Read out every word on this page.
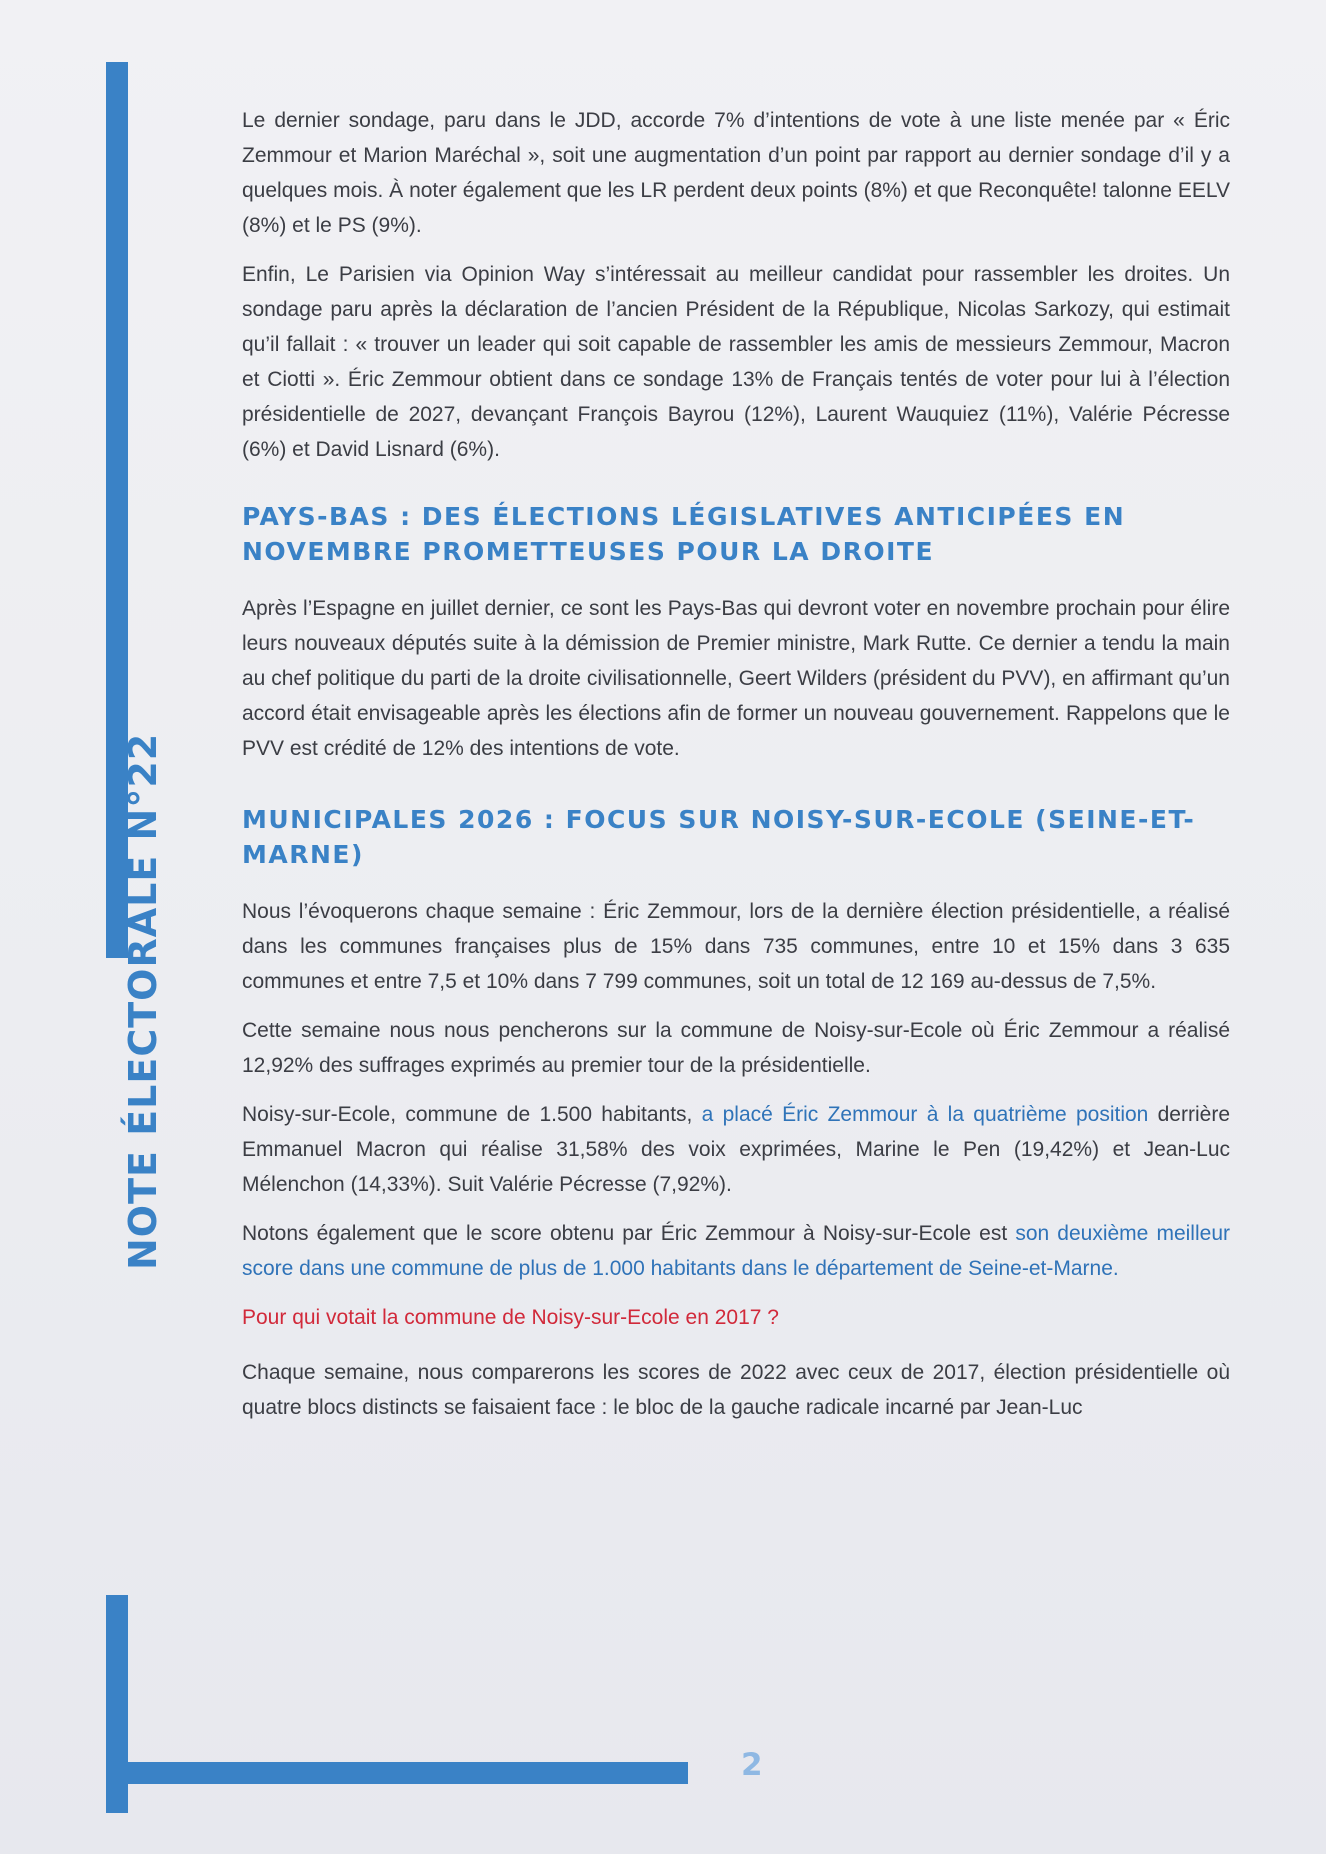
NOTE ÉLECTORALE N°22

Le dernier sondage, paru dans le JDD, accorde 7% d’intentions de vote à une liste menée par « Éric Zemmour et Marion Maréchal », soit une augmentation d’un point par rapport au dernier sondage d’il y a quelques mois. À noter également que les LR perdent deux points (8%) et que Reconquête! talonne EELV (8%) et le PS (9%).

Enfin, Le Parisien via Opinion Way s’intéressait au meilleur candidat pour rassembler les droites. Un sondage paru après la déclaration de l’ancien Président de la République, Nicolas Sarkozy, qui estimait qu’il fallait : « trouver un leader qui soit capable de rassembler les amis de messieurs Zemmour, Macron et Ciotti ». Éric Zemmour obtient dans ce sondage 13% de Français tentés de voter pour lui à l’élection présidentielle de 2027, devançant François Bayrou (12%), Laurent Wauquiez (11%), Valérie Pécresse (6%) et David Lisnard (6%).

PAYS-BAS : DES ÉLECTIONS LÉGISLATIVES ANTICIPÉES EN NOVEMBRE PROMETTEUSES POUR LA DROITE

Après l’Espagne en juillet dernier, ce sont les Pays-Bas qui devront voter en novembre prochain pour élire leurs nouveaux députés suite à la démission de Premier ministre, Mark Rutte. Ce dernier a tendu la main au chef politique du parti de la droite civilisationnelle, Geert Wilders (président du PVV), en affirmant qu’un accord était envisageable après les élections afin de former un nouveau gouvernement. Rappelons que le PVV est crédité de 12% des intentions de vote.

MUNICIPALES 2026 : FOCUS SUR NOISY-SUR-ECOLE (SEINE-ET-MARNE)

Nous l’évoquerons chaque semaine : Éric Zemmour, lors de la dernière élection présidentielle, a réalisé dans les communes françaises plus de 15% dans 735 communes, entre 10 et 15% dans 3 635 communes et entre 7,5 et 10% dans 7 799 communes, soit un total de 12 169 au-dessus de 7,5%.

Cette semaine nous nous pencherons sur la commune de Noisy-sur-Ecole où Éric Zemmour a réalisé 12,92% des suffrages exprimés au premier tour de la présidentielle.

Noisy-sur-Ecole, commune de 1.500 habitants, a placé Éric Zemmour à la quatrième position derrière Emmanuel Macron qui réalise 31,58% des voix exprimées, Marine le Pen (19,42%) et Jean-Luc Mélenchon (14,33%). Suit Valérie Pécresse (7,92%).

Notons également que le score obtenu par Éric Zemmour à Noisy-sur-Ecole est son deuxième meilleur score dans une commune de plus de 1.000 habitants dans le département de Seine-et-Marne.

Pour qui votait la commune de Noisy-sur-Ecole en 2017 ?

Chaque semaine, nous comparerons les scores de 2022 avec ceux de 2017, élection présidentielle où quatre blocs distincts se faisaient face : le bloc de la gauche radicale incarné par Jean-Luc

2
